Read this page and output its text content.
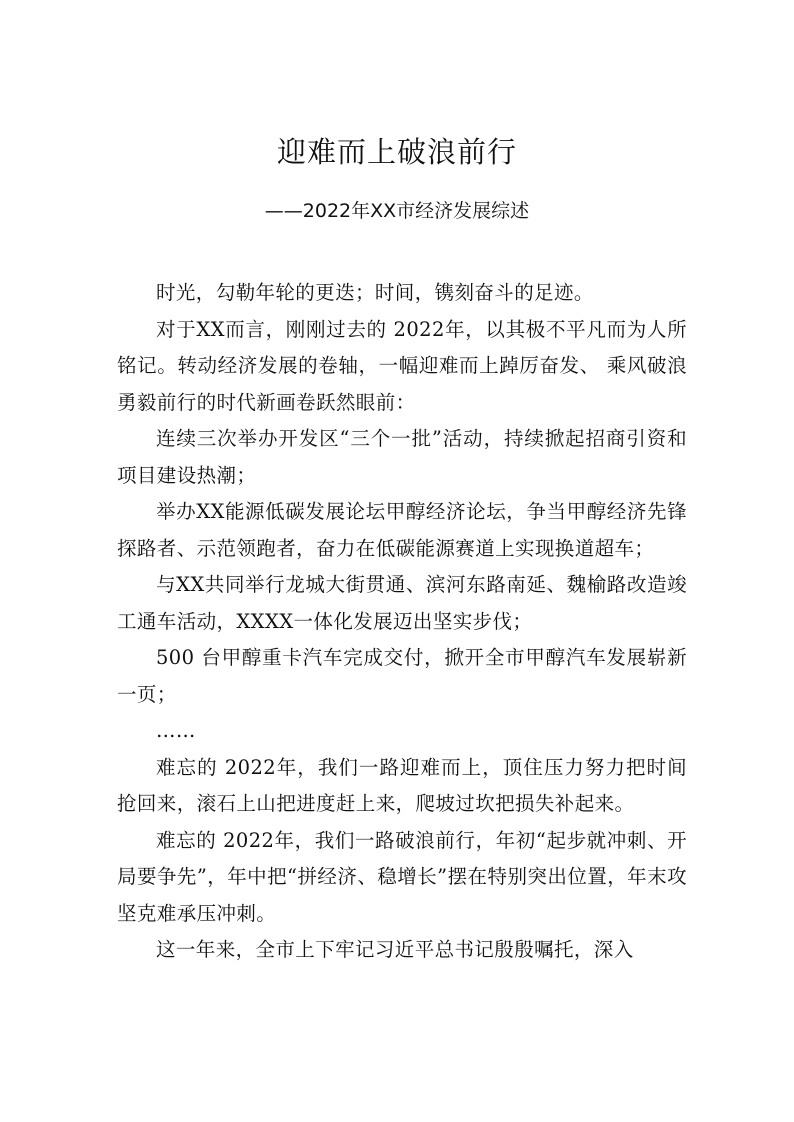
迎难而上破浪前行
——2022年XX市经济发展综述

时光，勾勒年轮的更迭；时间，镌刻奋斗的足迹。

对于XX而言，刚刚过去的 2022年，以其极不平凡而为人所铭记。转动经济发展的卷轴，一幅迎难而上踔厉奋发、 乘风破浪勇毅前行的时代新画卷跃然眼前：

连续三次举办开发区“三个一批”活动，持续掀起招商引资和项目建设热潮；

举办XX能源低碳发展论坛甲醇经济论坛，争当甲醇经济先锋探路者、示范领跑者，奋力在低碳能源赛道上实现换道超车；

与XX共同举行龙城大街贯通、滨河东路南延、魏榆路改造竣工通车活动，XXXX一体化发展迈出坚实步伐；

500 台甲醇重卡汽车完成交付，掀开全市甲醇汽车发展崭新一页；

……

难忘的 2022年，我们一路迎难而上，顶住压力努力把时间抢回来，滚石上山把进度赶上来，爬坡过坎把损失补起来。

难忘的 2022年，我们一路破浪前行，年初“起步就冲刺、开局要争先”，年中把“拼经济、稳增长”摆在特别突出位置，年末攻坚克难承压冲刺。

这一年来，全市上下牢记习近平总书记殷殷嘱托，深入
